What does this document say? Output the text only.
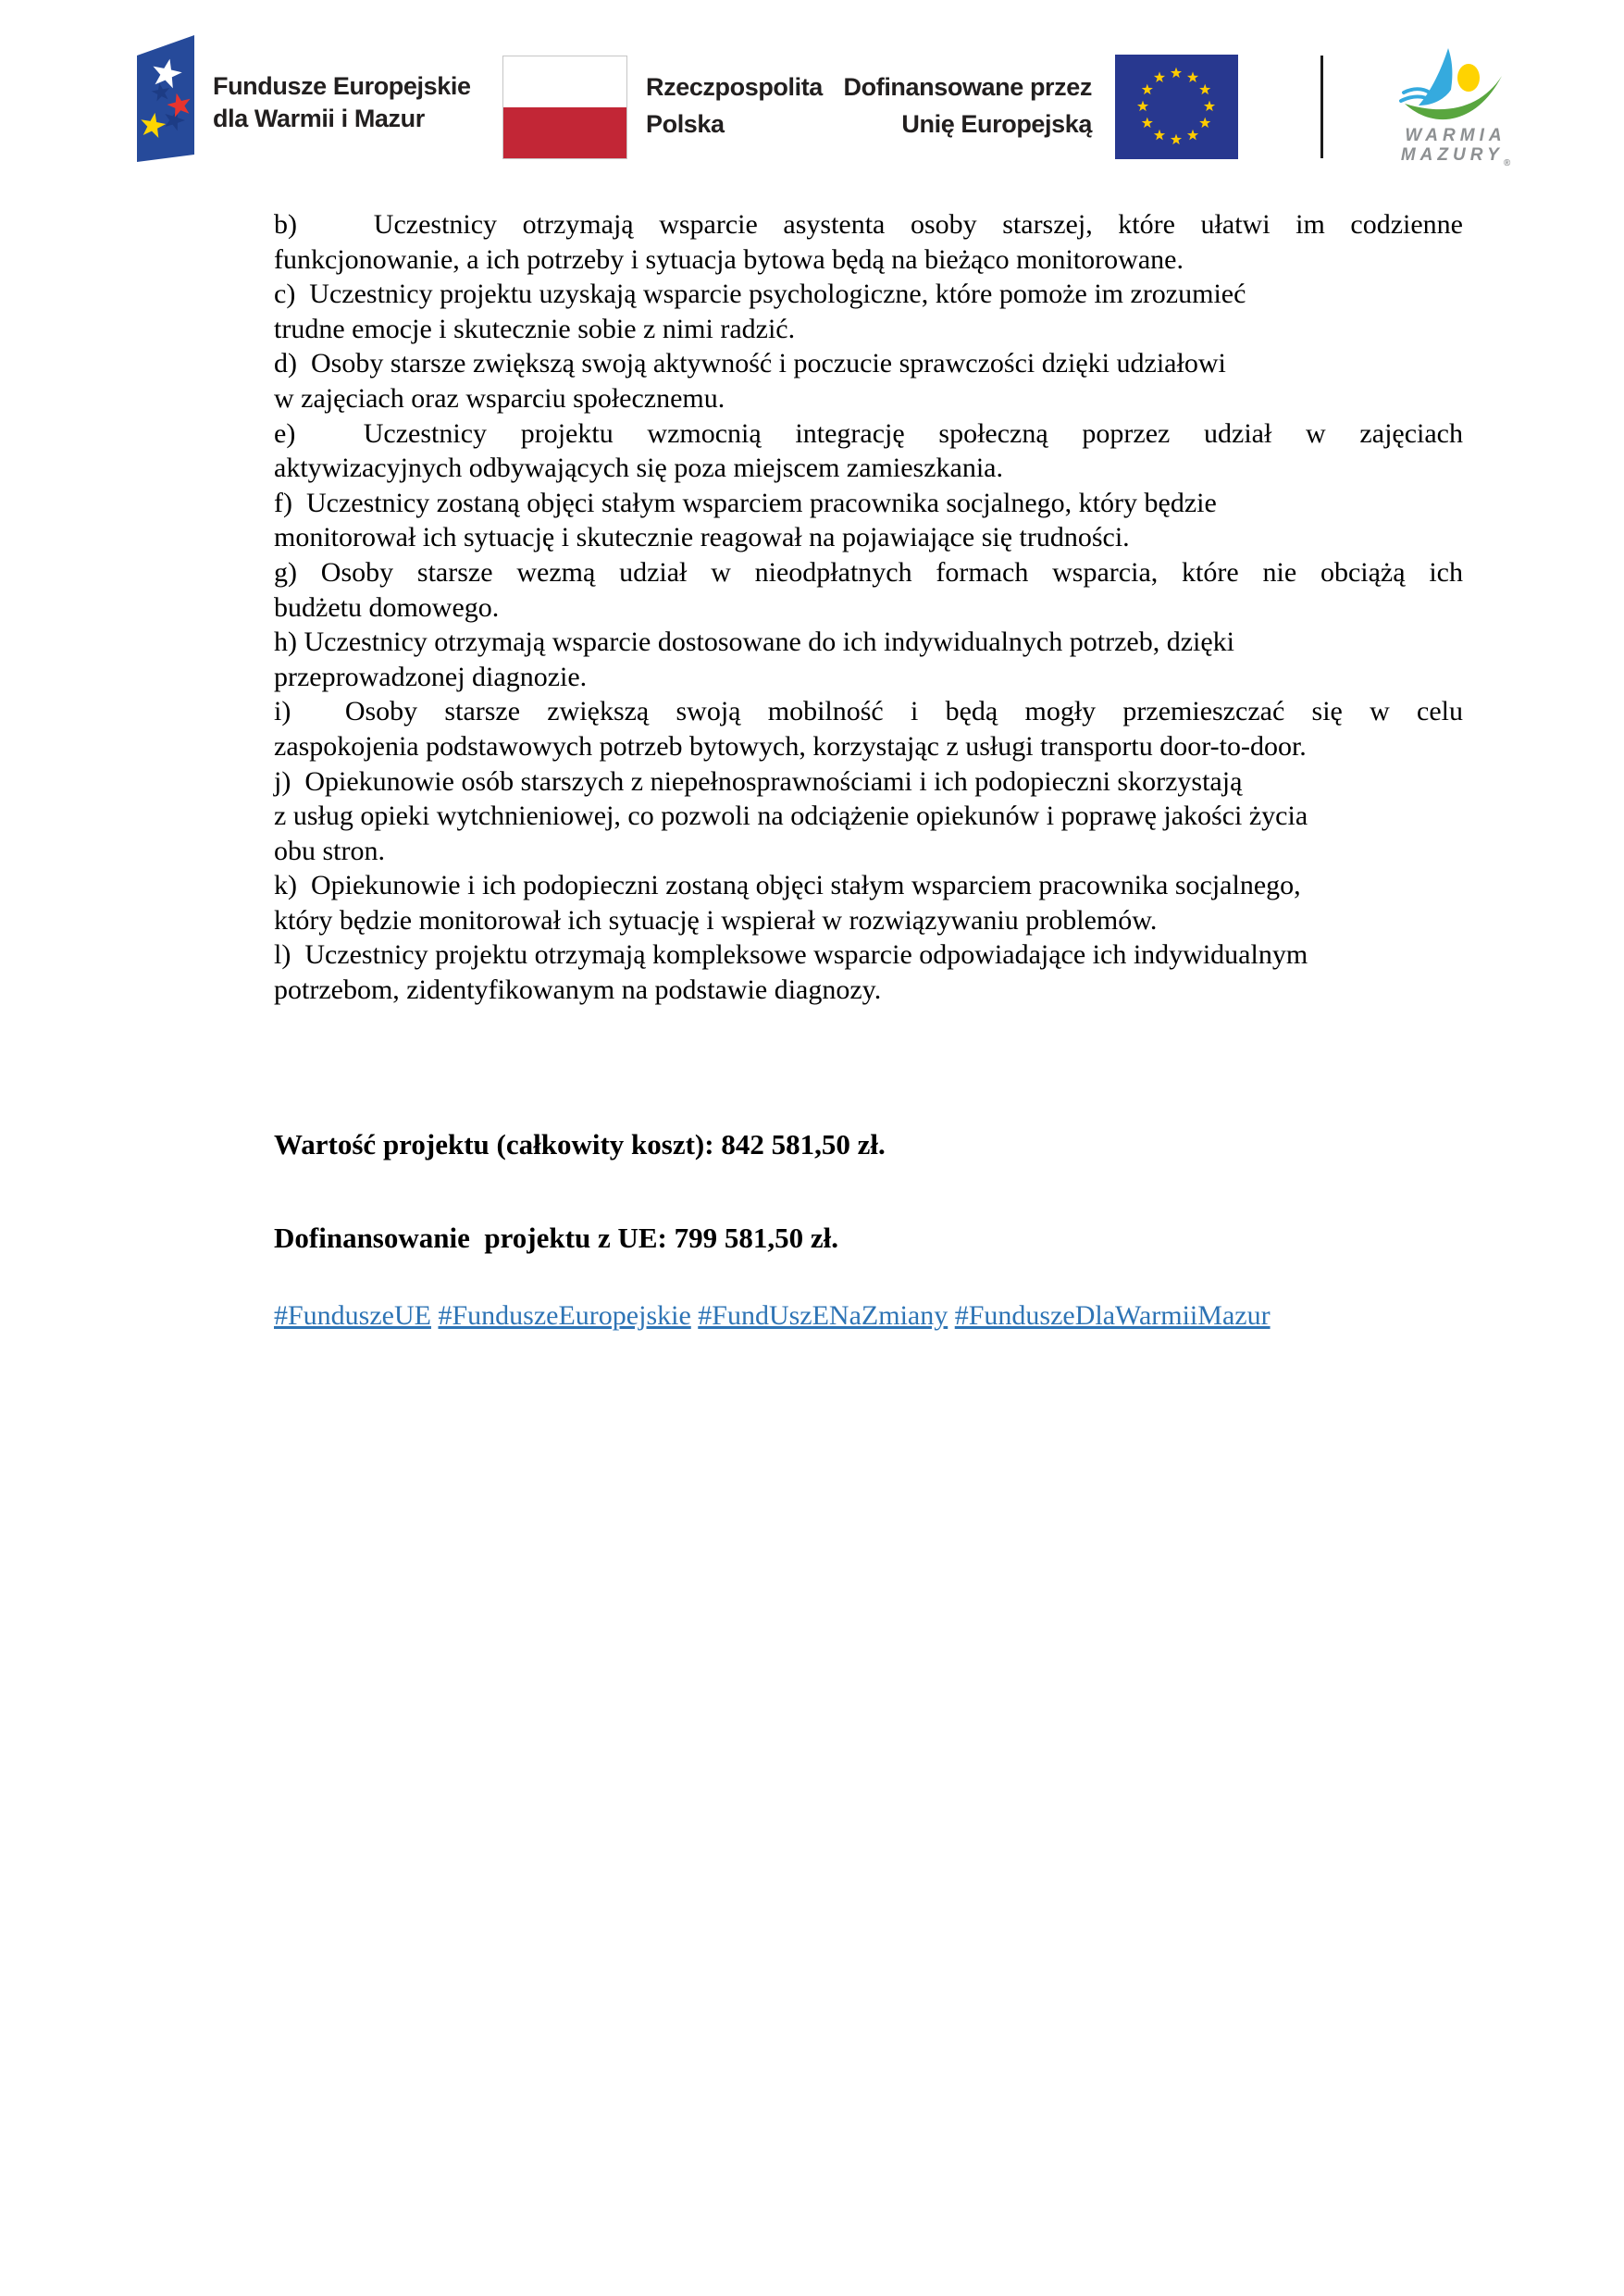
Fundusze Europejskie
dla Warmii i Mazur
Rzeczpospolita
Polska
Dofinansowane przez
Unię Europejską	WARMIA
$MAZURY_®$
b)   Uczestnicy otrzymają wsparcie asystenta osoby starszej, które ułatwi im codzienne
funkcjonowanie, a ich potrzeby i sytuacja bytowa będą na bieżąco monitorowane.
c)  Uczestnicy projektu uzyskają wsparcie psychologiczne, które pomoże im zrozumieć
trudne emocje i skutecznie sobie z nimi radzić.
d)  Osoby starsze zwiększą swoją aktywność i poczucie sprawczości dzięki udziałowi
w zajęciach oraz wsparciu społecznemu.
e)  Uczestnicy projektu wzmocnią integrację społeczną poprzez udział w zajęciach
aktywizacyjnych odbywających się poza miejscem zamieszkania.
f)  Uczestnicy zostaną objęci stałym wsparciem pracownika socjalnego, który będzie
monitorował ich sytuację i skutecznie reagował na pojawiające się trudności.
g) Osoby starsze wezmą udział w nieodpłatnych formach wsparcia, które nie obciążą ich
budżetu domowego.
h) Uczestnicy otrzymają wsparcie dostosowane do ich indywidualnych potrzeb, dzięki
przeprowadzonej diagnozie.
i)  Osoby starsze zwiększą swoją mobilność i będą mogły przemieszczać się w celu
zaspokojenia podstawowych potrzeb bytowych, korzystając z usługi transportu door-to-door.
j)  Opiekunowie osób starszych z niepełnosprawnościami i ich podopieczni skorzystają
z usług opieki wytchnieniowej, co pozwoli na odciążenie opiekunów i poprawę jakości życia
obu stron.
k)  Opiekunowie i ich podopieczni zostaną objęci stałym wsparciem pracownika socjalnego,
który będzie monitorował ich sytuację i wspierał w rozwiązywaniu problemów.
l)  Uczestnicy projektu otrzymają kompleksowe wsparcie odpowiadające ich indywidualnym
potrzebom, zidentyfikowanym na podstawie diagnozy.
Wartość projektu (całkowity koszt): 842 581,50 zł.
Dofinansowanie  projektu z UE: 799 581,50 zł.
#FunduszeUE #FunduszeEuropejskie #FundUszENaZmiany #FunduszeDlaWarmiiMazur
